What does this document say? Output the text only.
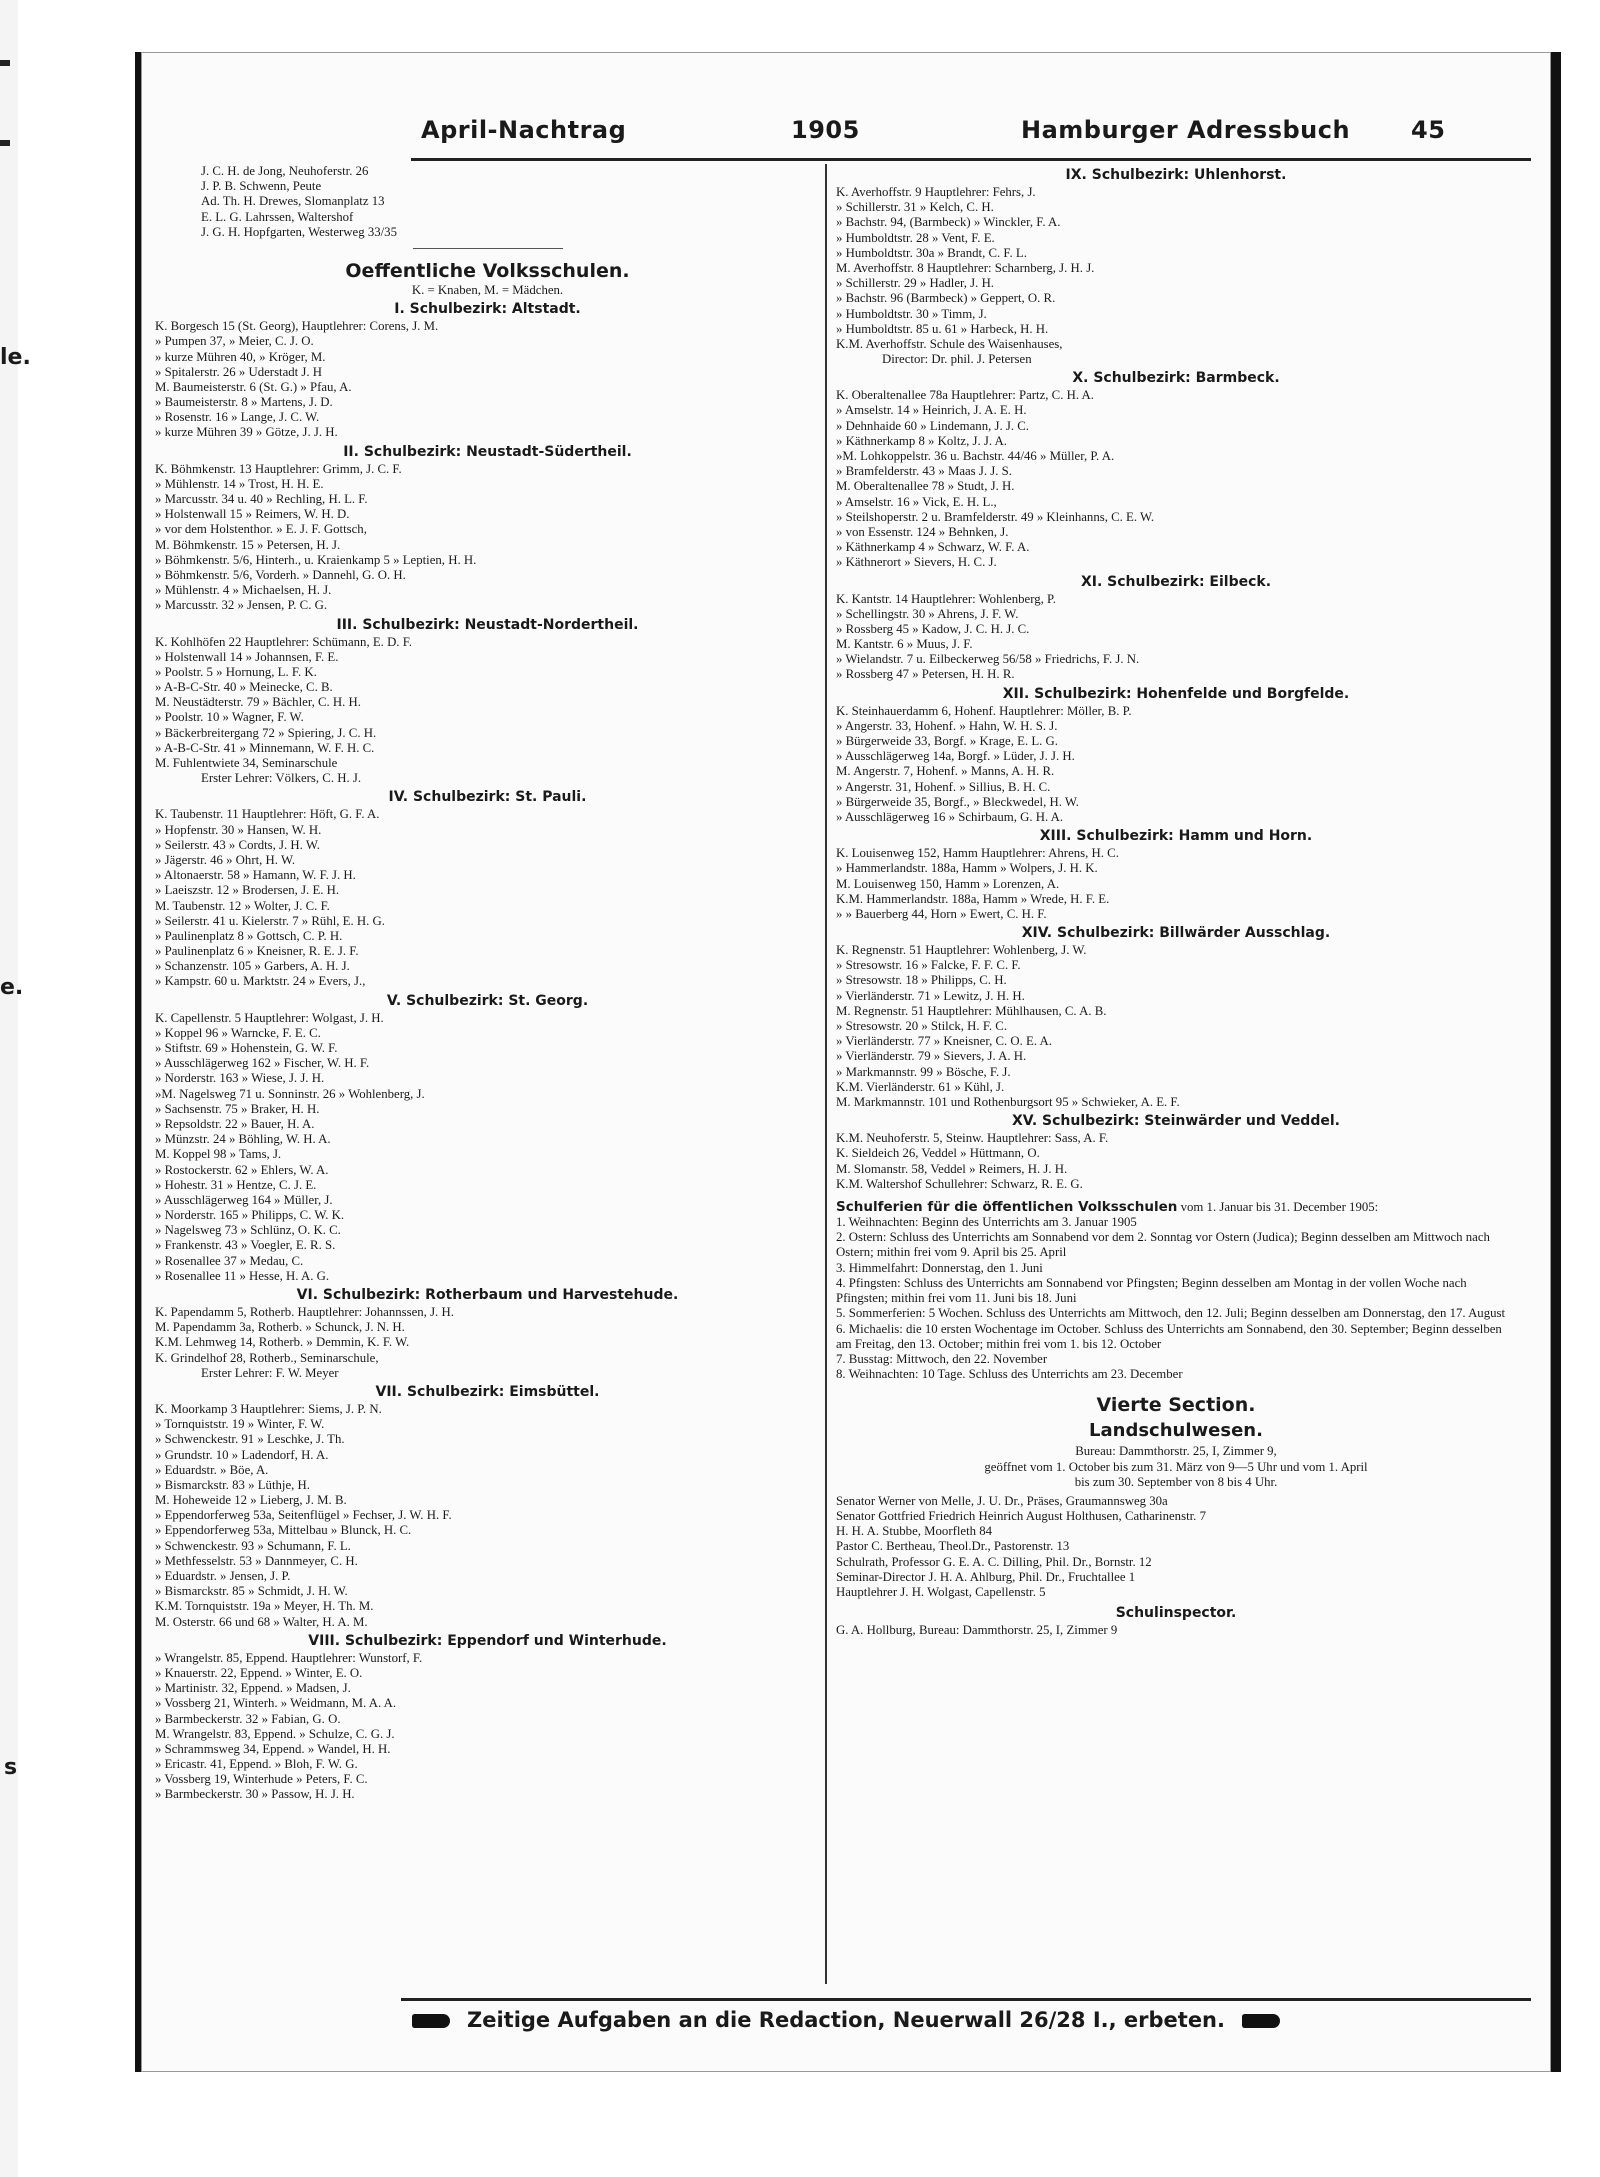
le.
e.
s
April-Nachtrag	1905	Hamburger Adressbuch	45
J. C. H. de Jong, Neuhoferstr. 26
J. P. B. Schwenn, Peute
Ad. Th. H. Drewes, Slomanplatz 13
E. L. G. Lahrssen, Waltershof
J. G. H. Hopfgarten, Westerweg 33/35
Oeffentliche Volksschulen.
K. = Knaben, M. = Mädchen.
I. Schulbezirk: Altstadt.
K. Borgesch 15 (St. Georg), Hauptlehrer: Corens, J. M.
» Pumpen 37, » Meier, C. J. O.
» kurze Mühren 40, » Kröger, M.
» Spitalerstr. 26 » Uderstadt J. H
M. Baumeisterstr. 6 (St. G.) » Pfau, A.
» Baumeisterstr. 8 » Martens, J. D.
» Rosenstr. 16 » Lange, J. C. W.
» kurze Mühren 39 » Götze, J. J. H.
II. Schulbezirk: Neustadt-Südertheil.
K. Böhmkenstr. 13 Hauptlehrer: Grimm, J. C. F.
» Mühlenstr. 14 » Trost, H. H. E.
» Marcusstr. 34 u. 40 » Rechling, H. L. F.
» Holstenwall 15 » Reimers, W. H. D.
» vor dem Holstenthor. » E. J. F. Gottsch,
M. Böhmkenstr. 15 » Petersen, H. J.
» Böhmkenstr. 5/6, Hinterh., u. Kraienkamp 5 » Leptien, H. H.
» Böhmkenstr. 5/6, Vorderh. » Dannehl, G. O. H.
» Mühlenstr. 4 » Michaelsen, H. J.
» Marcusstr. 32 » Jensen, P. C. G.
III. Schulbezirk: Neustadt-Nordertheil.
K. Kohlhöfen 22 Hauptlehrer: Schümann, E. D. F.
» Holstenwall 14 » Johannsen, F. E.
» Poolstr. 5 » Hornung, L. F. K.
» A-B-C-Str. 40 » Meinecke, C. B.
M. Neustädterstr. 79 » Bächler, C. H. H.
» Poolstr. 10 » Wagner, F. W.
» Bäckerbreitergang 72 » Spiering, J. C. H.
» A-B-C-Str. 41 » Minnemann, W. F. H. C.
M. Fuhlentwiete 34, Seminarschule
Erster Lehrer: Völkers, C. H. J.
IV. Schulbezirk: St. Pauli.
K. Taubenstr. 11 Hauptlehrer: Höft, G. F. A.
» Hopfenstr. 30 » Hansen, W. H.
» Seilerstr. 43 » Cordts, J. H. W.
» Jägerstr. 46 » Ohrt, H. W.
» Altonaerstr. 58 » Hamann, W. F. J. H.
» Laeiszstr. 12 » Brodersen, J. E. H.
M. Taubenstr. 12 » Wolter, J. C. F.
» Seilerstr. 41 u. Kielerstr. 7 » Rühl, E. H. G.
» Paulinenplatz 8 » Gottsch, C. P. H.
» Paulinenplatz 6 » Kneisner, R. E. J. F.
» Schanzenstr. 105 » Garbers, A. H. J.
» Kampstr. 60 u. Marktstr. 24 » Evers, J.,
V. Schulbezirk: St. Georg.
K. Capellenstr. 5 Hauptlehrer: Wolgast, J. H.
» Koppel 96 » Warncke, F. E. C.
» Stiftstr. 69 » Hohenstein, G. W. F.
» Ausschlägerweg 162 » Fischer, W. H. F.
» Norderstr. 163 » Wiese, J. J. H.
»M. Nagelsweg 71 u. Sonninstr. 26 » Wohlenberg, J.
» Sachsenstr. 75 » Braker, H. H.
» Repsoldstr. 22 » Bauer, H. A.
» Münzstr. 24 » Böhling, W. H. A.
M. Koppel 98 » Tams, J.
» Rostockerstr. 62 » Ehlers, W. A.
» Hohestr. 31 » Hentze, C. J. E.
» Ausschlägerweg 164 » Müller, J.
» Norderstr. 165 » Philipps, C. W. K.
» Nagelsweg 73 » Schlünz, O. K. C.
» Frankenstr. 43 » Voegler, E. R. S.
» Rosenallee 37 » Medau, C.
» Rosenallee 11 » Hesse, H. A. G.
VI. Schulbezirk: Rotherbaum und Harvestehude.
K. Papendamm 5, Rotherb. Hauptlehrer: Johannssen, J. H.
M. Papendamm 3a, Rotherb. » Schunck, J. N. H.
K.M. Lehmweg 14, Rotherb. » Demmin, K. F. W.
K. Grindelhof 28, Rotherb., Seminarschule,
Erster Lehrer: F. W. Meyer
VII. Schulbezirk: Eimsbüttel.
K. Moorkamp 3 Hauptlehrer: Siems, J. P. N.
» Tornquiststr. 19 » Winter, F. W.
» Schwenckestr. 91 » Leschke, J. Th.
» Grundstr. 10 » Ladendorf, H. A.
» Eduardstr. » Böe, A.
» Bismarckstr. 83 » Lüthje, H.
M. Hoheweide 12 » Lieberg, J. M. B.
» Eppendorferweg 53a, Seitenflügel » Fechser, J. W. H. F.
» Eppendorferweg 53a, Mittelbau » Blunck, H. C.
» Schwenckestr. 93 » Schumann, F. L.
» Methfesselstr. 53 » Dannmeyer, C. H.
» Eduardstr. » Jensen, J. P.
» Bismarckstr. 85 » Schmidt, J. H. W.
K.M. Tornquiststr. 19a » Meyer, H. Th. M.
M. Osterstr. 66 und 68 » Walter, H. A. M.
VIII. Schulbezirk: Eppendorf und Winterhude.
» Wrangelstr. 85, Eppend. Hauptlehrer: Wunstorf, F.
» Knauerstr. 22, Eppend. » Winter, E. O.
» Martinistr. 32, Eppend. » Madsen, J.
» Vossberg 21, Winterh. » Weidmann, M. A. A.
» Barmbeckerstr. 32 » Fabian, G. O.
M. Wrangelstr. 83, Eppend. » Schulze, C. G. J.
» Schrammsweg 34, Eppend. » Wandel, H. H.
» Ericastr. 41, Eppend. » Bloh, F. W. G.
» Vossberg 19, Winterhude » Peters, F. C.
» Barmbeckerstr. 30 » Passow, H. J. H.
IX. Schulbezirk: Uhlenhorst.
K. Averhoffstr. 9 Hauptlehrer: Fehrs, J.
» Schillerstr. 31 » Kelch, C. H.
» Bachstr. 94, (Barmbeck) » Winckler, F. A.
» Humboldtstr. 28 » Vent, F. E.
» Humboldtstr. 30a » Brandt, C. F. L.
M. Averhoffstr. 8 Hauptlehrer: Scharnberg, J. H. J.
» Schillerstr. 29 » Hadler, J. H.
» Bachstr. 96 (Barmbeck) » Geppert, O. R.
» Humboldtstr. 30 » Timm, J.
» Humboldtstr. 85 u. 61 » Harbeck, H. H.
K.M. Averhoffstr. Schule des Waisenhauses,
Director: Dr. phil. J. Petersen
X. Schulbezirk: Barmbeck.
K. Oberaltenallee 78a Hauptlehrer: Partz, C. H. A.
» Amselstr. 14 » Heinrich, J. A. E. H.
» Dehnhaide 60 » Lindemann, J. J. C.
» Käthnerkamp 8 » Koltz, J. J. A.
»M. Lohkoppelstr. 36 u. Bachstr. 44/46 » Müller, P. A.
» Bramfelderstr. 43 » Maas J. J. S.
M. Oberaltenallee 78 » Studt, J. H.
» Amselstr. 16 » Vick, E. H. L.,
» Steilshoperstr. 2 u. Bramfelderstr. 49 » Kleinhanns, C. E. W.
» von Essenstr. 124 » Behnken, J.
» Käthnerkamp 4 » Schwarz, W. F. A.
» Käthnerort » Sievers, H. C. J.
XI. Schulbezirk: Eilbeck.
K. Kantstr. 14 Hauptlehrer: Wohlenberg, P.
» Schellingstr. 30 » Ahrens, J. F. W.
» Rossberg 45 » Kadow, J. C. H. J. C.
M. Kantstr. 6 » Muus, J. F.
» Wielandstr. 7 u. Eilbeckerweg 56/58 » Friedrichs, F. J. N.
» Rossberg 47 » Petersen, H. H. R.
XII. Schulbezirk: Hohenfelde und Borgfelde.
K. Steinhauerdamm 6, Hohenf. Hauptlehrer: Möller, B. P.
» Angerstr. 33, Hohenf. » Hahn, W. H. S. J.
» Bürgerweide 33, Borgf. » Krage, E. L. G.
» Ausschlägerweg 14a, Borgf. » Lüder, J. J. H.
M. Angerstr. 7, Hohenf. » Manns, A. H. R.
» Angerstr. 31, Hohenf. » Sillius, B. H. C.
» Bürgerweide 35, Borgf., » Bleckwedel, H. W.
» Ausschlägerweg 16 » Schirbaum, G. H. A.
XIII. Schulbezirk: Hamm und Horn.
K. Louisenweg 152, Hamm Hauptlehrer: Ahrens, H. C.
» Hammerlandstr. 188a, Hamm » Wolpers, J. H. K.
M. Louisenweg 150, Hamm » Lorenzen, A.
K.M. Hammerlandstr. 188a, Hamm » Wrede, H. F. E.
» » Bauerberg 44, Horn » Ewert, C. H. F.
XIV. Schulbezirk: Billwärder Ausschlag.
K. Regnenstr. 51 Hauptlehrer: Wohlenberg, J. W.
» Stresowstr. 16 » Falcke, F. F. C. F.
» Stresowstr. 18 » Philipps, C. H.
» Vierländerstr. 71 » Lewitz, J. H. H.
M. Regnenstr. 51 Hauptlehrer: Mühlhausen, C. A. B.
» Stresowstr. 20 » Stilck, H. F. C.
» Vierländerstr. 77 » Kneisner, C. O. E. A.
» Vierländerstr. 79 » Sievers, J. A. H.
» Markmannstr. 99 » Bösche, F. J.
K.M. Vierländerstr. 61 » Kühl, J.
M. Markmannstr. 101 und Rothenburgsort 95 » Schwieker, A. E. F.
XV. Schulbezirk: Steinwärder und Veddel.
K.M. Neuhoferstr. 5, Steinw. Hauptlehrer: Sass, A. F.
K. Sieldeich 26, Veddel » Hüttmann, O.
M. Slomanstr. 58, Veddel » Reimers, H. J. H.
K.M. Waltershof Schullehrer: Schwarz, R. E. G.
Schulferien für die öffentlichen Volksschulen vom 1. Januar bis 31. December 1905:
1. Weihnachten: Beginn des Unterrichts am 3. Januar 1905
2. Ostern: Schluss des Unterrichts am Sonnabend vor dem 2. Sonntag vor Ostern (Judica); Beginn desselben am Mittwoch nach Ostern; mithin frei vom 9. April bis 25. April
3. Himmelfahrt: Donnerstag, den 1. Juni
4. Pfingsten: Schluss des Unterrichts am Sonnabend vor Pfingsten; Beginn desselben am Montag in der vollen Woche nach Pfingsten; mithin frei vom 11. Juni bis 18. Juni
5. Sommerferien: 5 Wochen. Schluss des Unterrichts am Mittwoch, den 12. Juli; Beginn desselben am Donnerstag, den 17. August
6. Michaelis: die 10 ersten Wochentage im October. Schluss des Unterrichts am Sonnabend, den 30. September; Beginn desselben am Freitag, den 13. October; mithin frei vom 1. bis 12. October
7. Busstag: Mittwoch, den 22. November
8. Weihnachten: 10 Tage. Schluss des Unterrichts am 23. December
Vierte Section.
Landschulwesen.
Bureau: Dammthorstr. 25, I, Zimmer 9,
geöffnet vom 1. October bis zum 31. März von 9—5 Uhr und vom 1. April
bis zum 30. September von 8 bis 4 Uhr.
Senator Werner von Melle, J. U. Dr., Präses, Graumannsweg 30a
Senator Gottfried Friedrich Heinrich August Holthusen, Catharinenstr. 7
H. H. A. Stubbe, Moorfleth 84
Pastor C. Bertheau, Theol.Dr., Pastorenstr. 13
Schulrath, Professor G. E. A. C. Dilling, Phil. Dr., Bornstr. 12
Seminar-Director J. H. A. Ahlburg, Phil. Dr., Fruchtallee 1
Hauptlehrer J. H. Wolgast, Capellenstr. 5
Schulinspector.
G. A. Hollburg, Bureau: Dammthorstr. 25, I, Zimmer 9
Zeitige Aufgaben an die Redaction, Neuerwall 26/28 I., erbeten.
